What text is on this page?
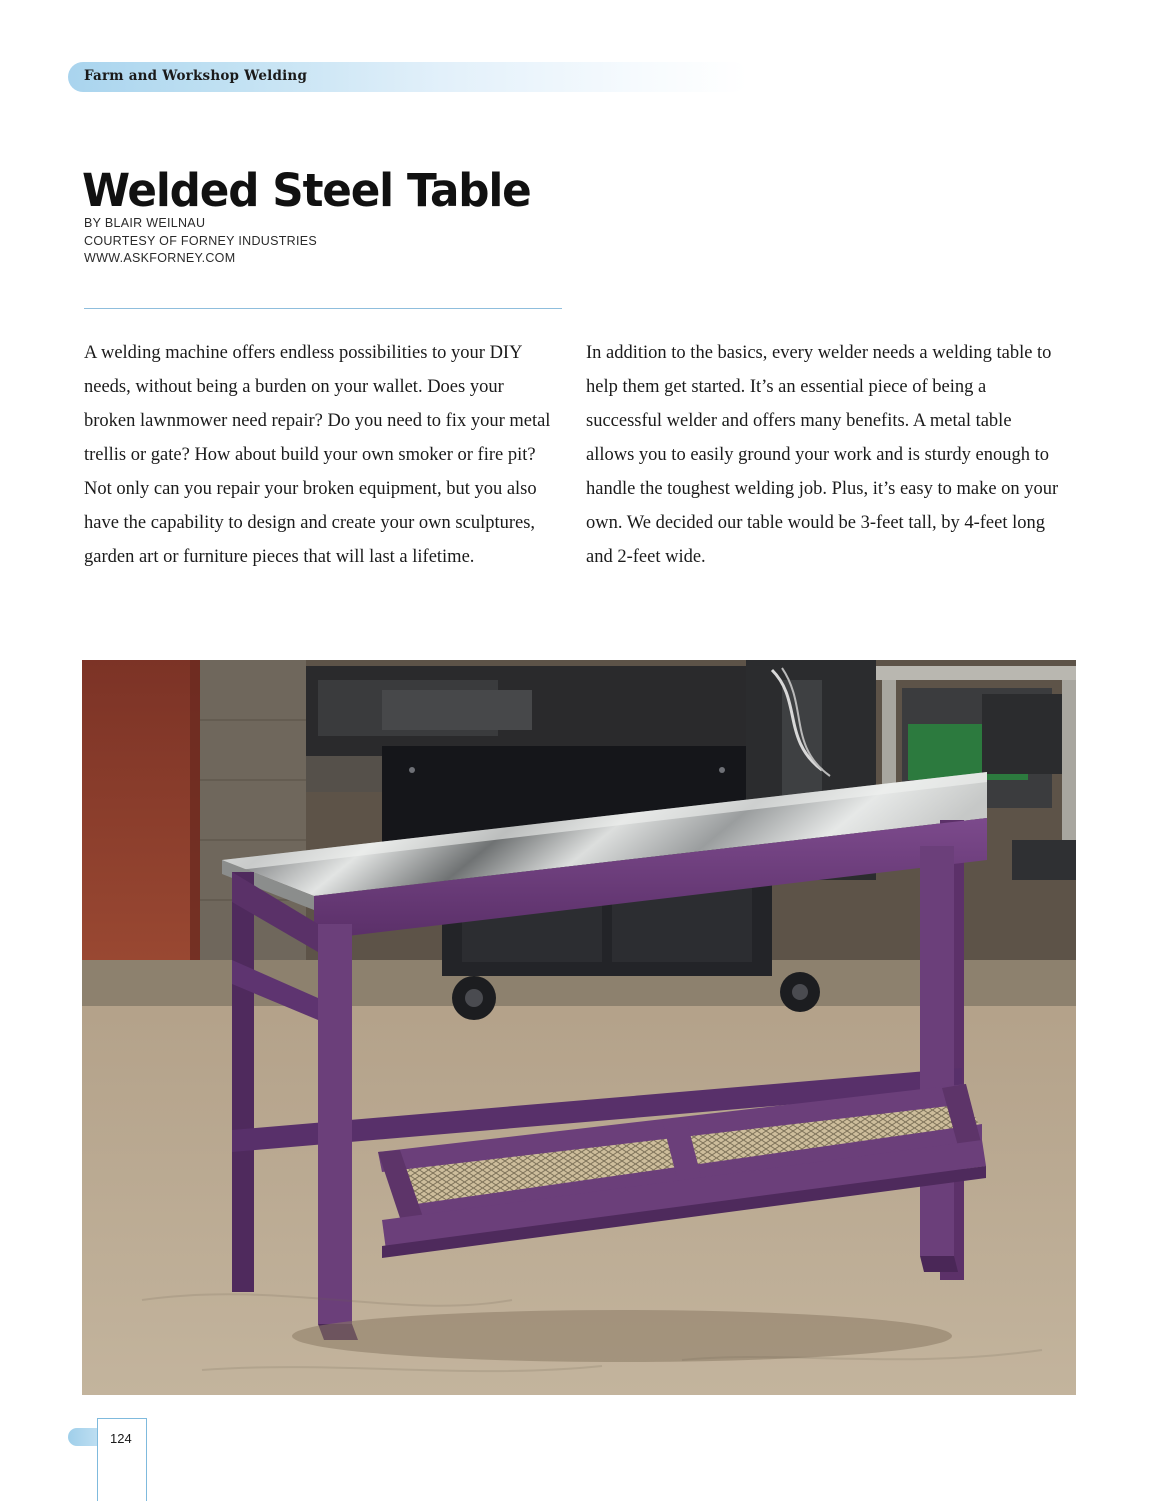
Farm and Workshop Welding
Welded Steel Table
BY BLAIR WEILNAU
COURTESY OF FORNEY INDUSTRIES
WWW.ASKFORNEY.COM
A welding machine offers endless possibilities to your DIY needs, without being a burden on your wallet. Does your broken lawnmower need repair? Do you need to fix your metal trellis or gate? How about build your own smoker or fire pit? Not only can you repair your broken equipment, but you also have the capability to design and create your own sculptures, garden art or furniture pieces that will last a lifetime.
In addition to the basics, every welder needs a welding table to help them get started. It’s an essential piece of being a successful welder and offers many benefits. A metal table allows you to easily ground your work and is sturdy enough to handle the toughest welding job. Plus, it’s easy to make on your own. We decided our table would be 3-feet tall, by 4-feet long and 2-feet wide.
124
